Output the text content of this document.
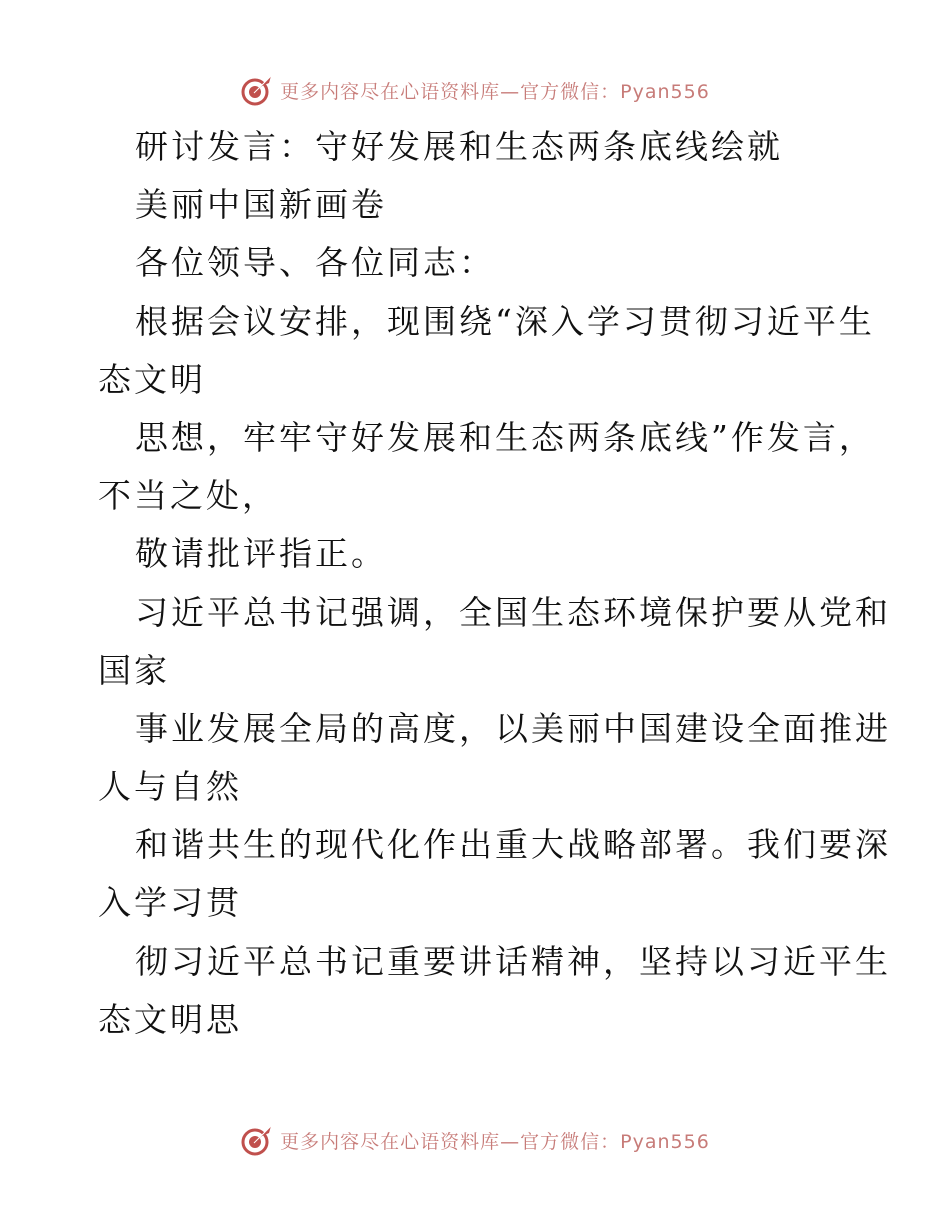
更多内容尽在心语资料库—官方微信：Pyan556
研讨发言：守好发展和生态两条底线绘就
美丽中国新画卷
各位领导、各位同志：
根据会议安排，现围绕“深入学习贯彻习近平生
态文明
思想，牢牢守好发展和生态两条底线”作发言，
不当之处，
敬请批评指正。
习近平总书记强调，全国生态环境保护要从党和
国家
事业发展全局的高度，以美丽中国建设全面推进
人与自然
和谐共生的现代化作出重大战略部署。我们要深
入学习贯
彻习近平总书记重要讲话精神，坚持以习近平生
态文明思
更多内容尽在心语资料库—官方微信：Pyan556
